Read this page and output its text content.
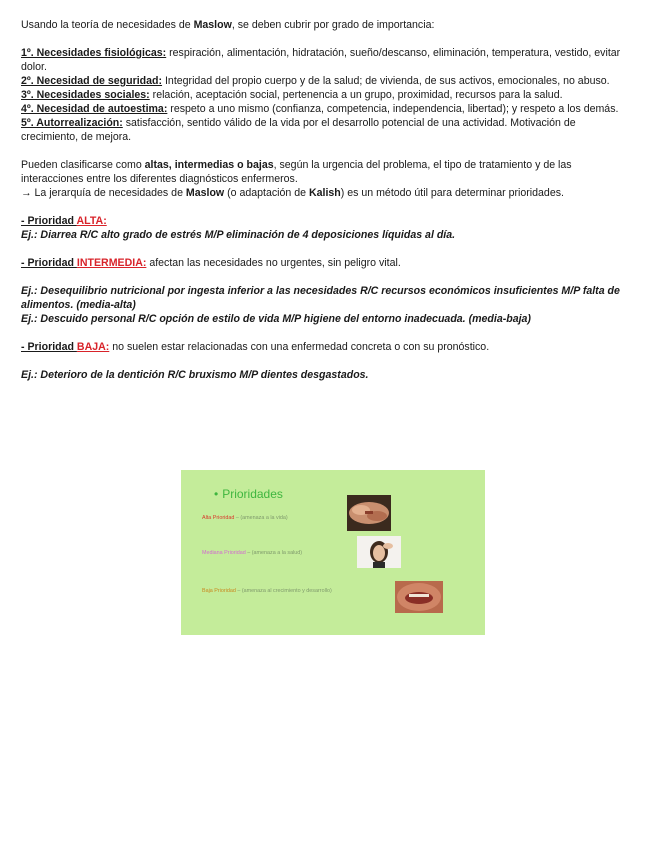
Usando la teoría de necesidades de Maslow, se deben cubrir por grado de importancia:

1º. Necesidades fisiológicas: respiración, alimentación, hidratación, sueño/descanso, eliminación, temperatura, vestido, evitar dolor.

2º. Necesidad de seguridad: Integridad del propio cuerpo y de la salud; de vivienda, de sus activos, emocionales, no abuso.

3º. Necesidades sociales: relación, aceptación social, pertenencia a un grupo, proximidad, recursos para la salud.

4º. Necesidad de autoestima: respeto a uno mismo (confianza, competencia, independencia, libertad); y respeto a los demás.

5º. Autorrealización: satisfacción, sentido válido de la vida por el desarrollo potencial de una actividad. Motivación de crecimiento, de mejora.

Pueden clasificarse como altas, intermedias o bajas, según la urgencia del problema, el tipo de tratamiento y de las interacciones entre los diferentes diagnósticos enfermeros.

→ La jerarquía de necesidades de Maslow (o adaptación de Kalish) es un método útil para determinar prioridades.

- Prioridad ALTA:

Ej.: Diarrea R/C alto grado de estrés M/P eliminación de 4 deposiciones líquidas al día.

- Prioridad INTERMEDIA: afectan las necesidades no urgentes, sin peligro vital.

Ej.: Desequilibrio nutricional por ingesta inferior a las necesidades R/C recursos económicos insuficientes M/P falta de alimentos. (media-alta)

Ej.: Descuido personal R/C opción de estilo de vida M/P higiene del entorno inadecuada. (media-baja)

- Prioridad BAJA: no suelen estar relacionadas con una enfermedad concreta o con su pronóstico.

Ej.: Deterioro de la dentición R/C bruxismo M/P dientes desgastados.

• Prioridades
Alta Prioridad – (amenaza a la vida)
Mediana Prioridad – (amenaza a la salud)
Baja Prioridad – (amenaza al crecimiento y desarrollo)
